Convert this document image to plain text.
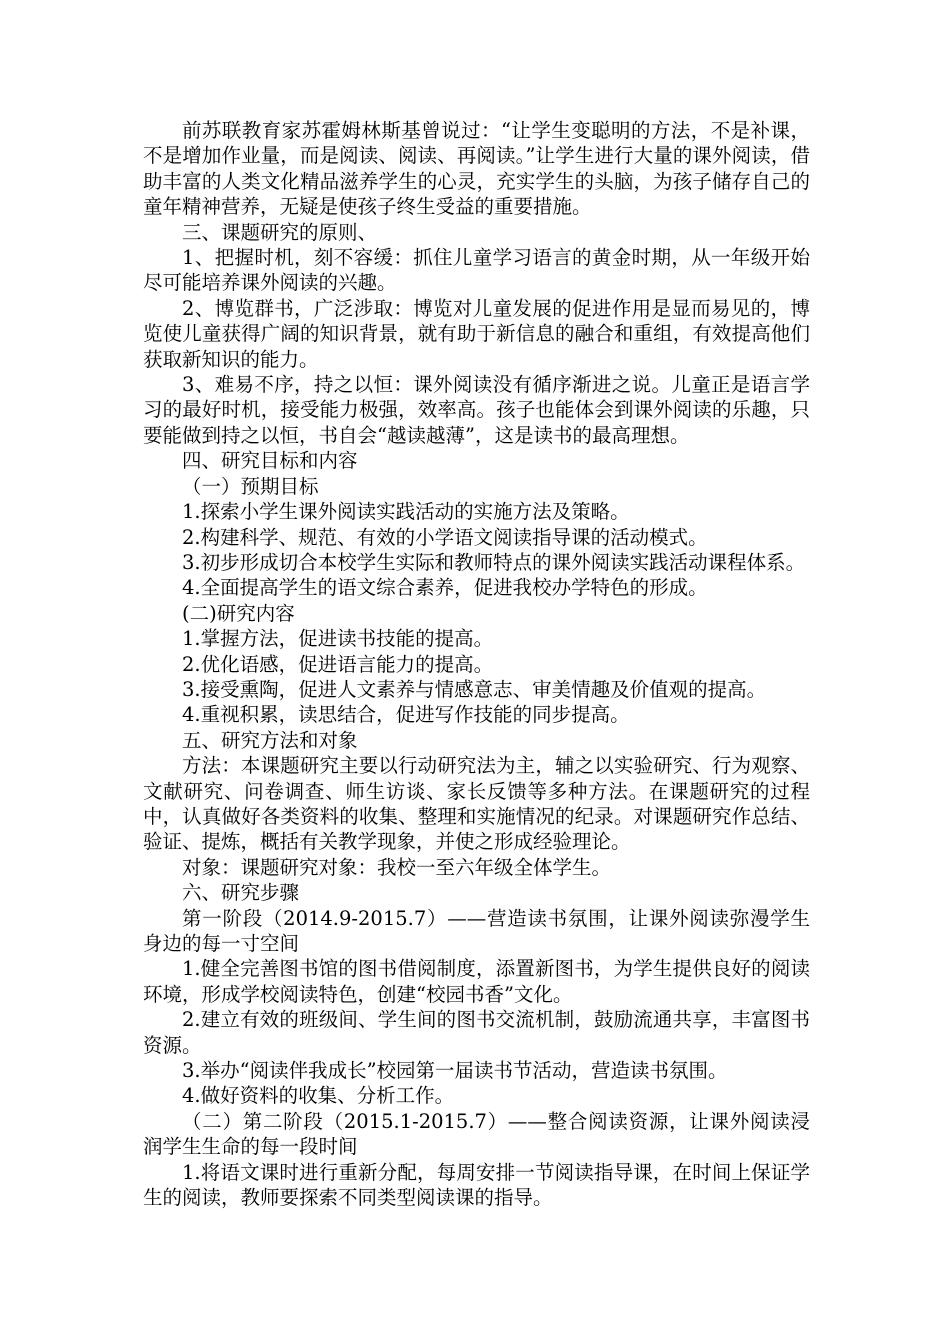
前苏联教育家苏霍姆林斯基曾说过：“让学生变聪明的方法，不是补课，不是增加作业量，而是阅读、阅读、再阅读。”让学生进行大量的课外阅读，借助丰富的人类文化精品滋养学生的心灵，充实学生的头脑，为孩子储存自己的童年精神营养，无疑是使孩子终生受益的重要措施。

三、课题研究的原则、

1、把握时机，刻不容缓：抓住儿童学习语言的黄金时期，从一年级开始尽可能培养课外阅读的兴趣。

2、博览群书，广泛涉取：博览对儿童发展的促进作用是显而易见的，博览使儿童获得广阔的知识背景，就有助于新信息的融合和重组，有效提高他们获取新知识的能力。

3、难易不序，持之以恒：课外阅读没有循序渐进之说。儿童正是语言学习的最好时机，接受能力极强，效率高。孩子也能体会到课外阅读的乐趣，只要能做到持之以恒，书自会“越读越薄”，这是读书的最高理想。

四、研究目标和内容

（一）预期目标

1.探索小学生课外阅读实践活动的实施方法及策略。

2.构建科学、规范、有效的小学语文阅读指导课的活动模式。

3.初步形成切合本校学生实际和教师特点的课外阅读实践活动课程体系。

4.全面提高学生的语文综合素养，促进我校办学特色的形成。

(二)研究内容

1.掌握方法，促进读书技能的提高。

2.优化语感，促进语言能力的提高。

3.接受熏陶，促进人文素养与情感意志、审美情趣及价值观的提高。

4.重视积累，读思结合，促进写作技能的同步提高。

五、研究方法和对象

方法：本课题研究主要以行动研究法为主，辅之以实验研究、行为观察、文献研究、问卷调查、师生访谈、家长反馈等多种方法。在课题研究的过程中，认真做好各类资料的收集、整理和实施情况的纪录。对课题研究作总结、验证、提炼，概括有关教学现象，并使之形成经验理论。

对象：课题研究对象：我校一至六年级全体学生。

六、研究步骤

第一阶段（2014.9-2015.7）——营造读书氛围，让课外阅读弥漫学生身边的每一寸空间

1.健全完善图书馆的图书借阅制度，添置新图书，为学生提供良好的阅读环境，形成学校阅读特色，创建“校园书香”文化。

2.建立有效的班级间、学生间的图书交流机制，鼓励流通共享，丰富图书资源。

3.举办“阅读伴我成长”校园第一届读书节活动，营造读书氛围。

4.做好资料的收集、分析工作。

（二）第二阶段（2015.1-2015.7）——整合阅读资源，让课外阅读浸润学生生命的每一段时间

1.将语文课时进行重新分配，每周安排一节阅读指导课，在时间上保证学生的阅读，教师要探索不同类型阅读课的指导。
